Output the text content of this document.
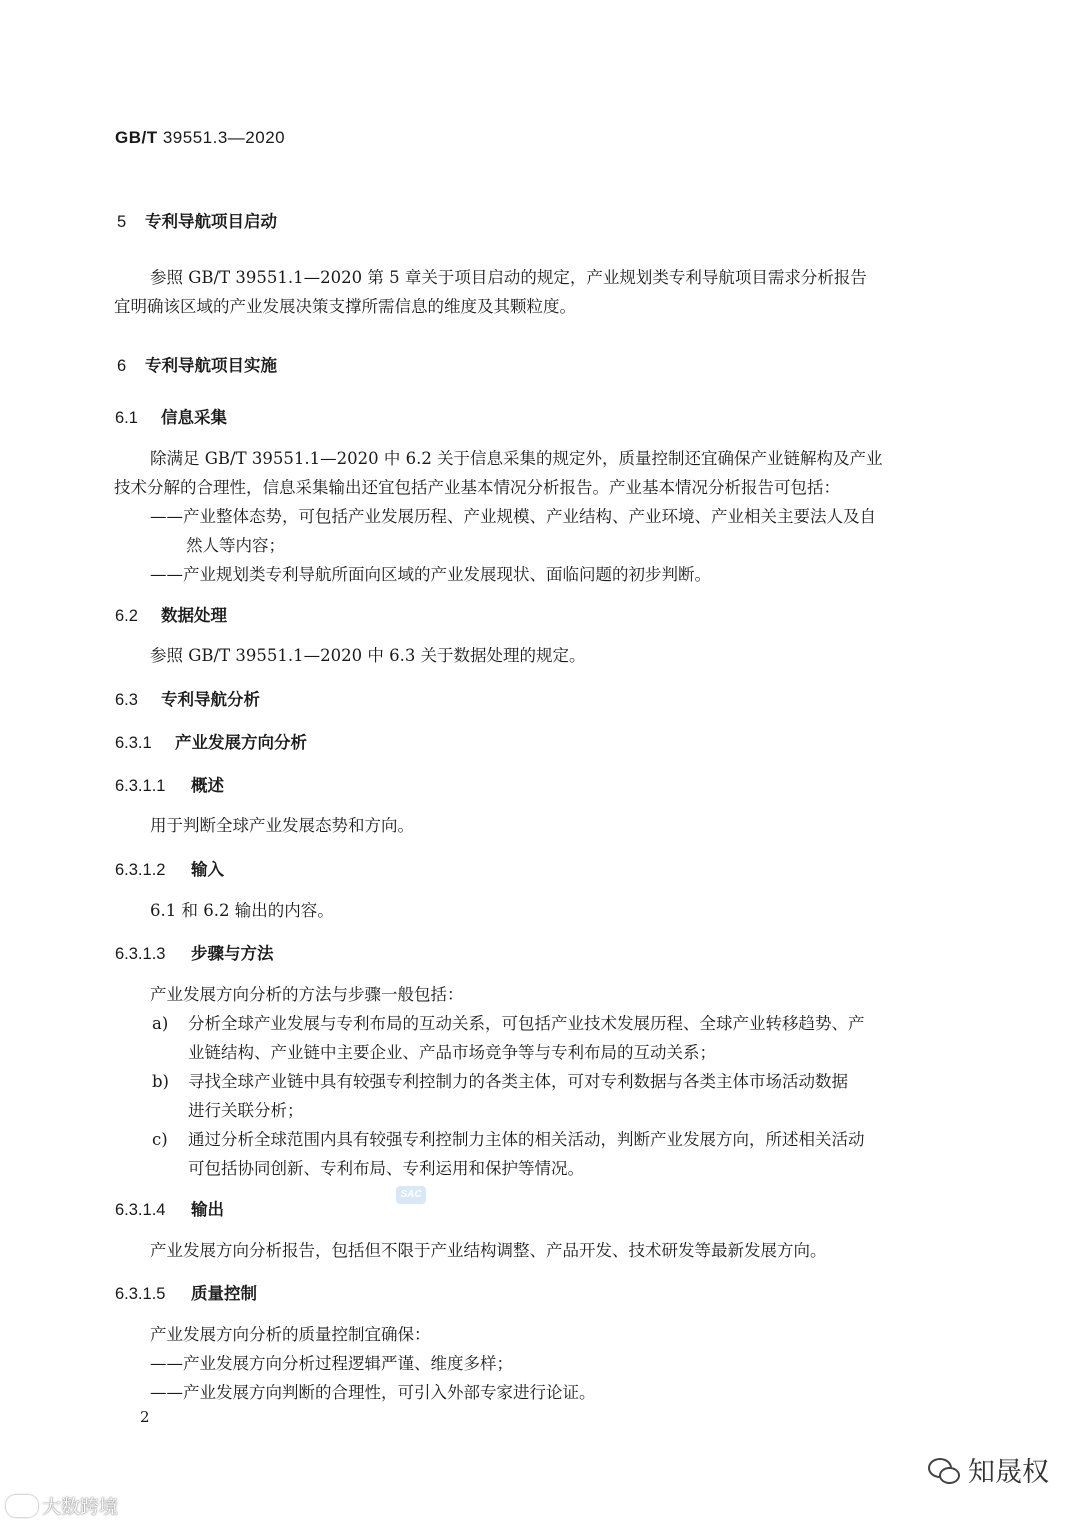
GB/T 39551.3—2020
5 专利导航项目启动
参照 GB/T 39551.1—2020 第 5 章关于项目启动的规定，产业规划类专利导航项目需求分析报告
宜明确该区域的产业发展决策支撑所需信息的维度及其颗粒度。
6 专利导航项目实施
6.1 信息采集
除满足 GB/T 39551.1—2020 中 6.2 关于信息采集的规定外，质量控制还宜确保产业链解构及产业
技术分解的合理性，信息采集输出还宜包括产业基本情况分析报告。产业基本情况分析报告可包括：
——产业整体态势，可包括产业发展历程、产业规模、产业结构、产业环境、产业相关主要法人及自
然人等内容；
——产业规划类专利导航所面向区域的产业发展现状、面临问题的初步判断。
6.2 数据处理
参照 GB/T 39551.1—2020 中 6.3 关于数据处理的规定。
6.3 专利导航分析
6.3.1 产业发展方向分析
6.3.1.1 概述
用于判断全球产业发展态势和方向。
6.3.1.2 输入
6.1 和 6.2 输出的内容。
6.3.1.3 步骤与方法
产业发展方向分析的方法与步骤一般包括：
a) 分析全球产业发展与专利布局的互动关系，可包括产业技术发展历程、全球产业转移趋势、产
业链结构、产业链中主要企业、产品市场竞争等与专利布局的互动关系；
b) 寻找全球产业链中具有较强专利控制力的各类主体，可对专利数据与各类主体市场活动数据
进行关联分析；
c) 通过分析全球范围内具有较强专利控制力主体的相关活动，判断产业发展方向，所述相关活动
可包括协同创新、专利布局、专利运用和保护等情况。
SAC
6.3.1.4 输出
产业发展方向分析报告，包括但不限于产业结构调整、产品开发、技术研发等最新发展方向。
6.3.1.5 质量控制
产业发展方向分析的质量控制宜确保：
——产业发展方向分析过程逻辑严谨、维度多样；
——产业发展方向判断的合理性，可引入外部专家进行论证。
2
大数跨境
知晟权
